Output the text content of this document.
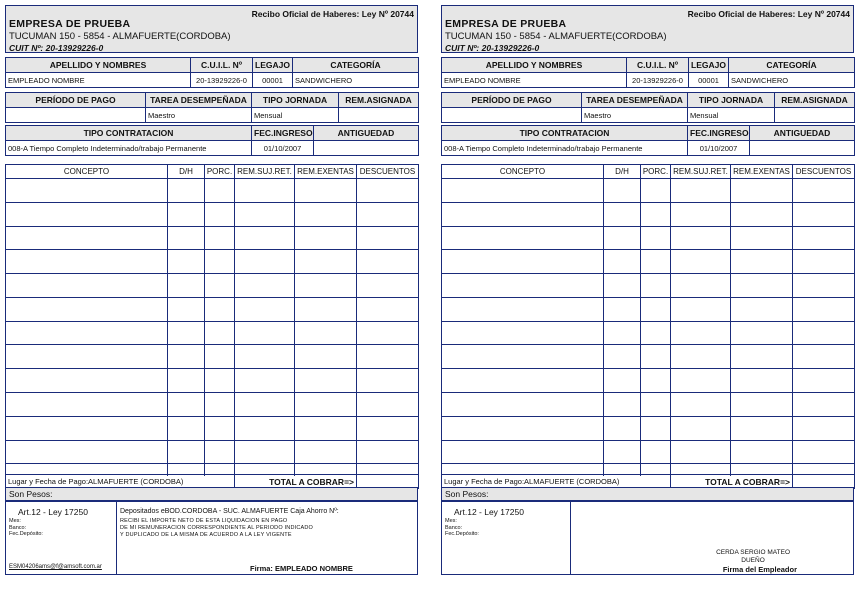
Recibo Oficial de Haberes: Ley Nº 20744
EMPRESA DE PRUEBA
TUCUMAN 150 - 5854 - ALMAFUERTE(CORDOBA)
CUIT Nº: 20-13929226-0
APELLIDO Y NOMBRES	C.U.I.L. Nº	LEGAJO	CATEGORÍA
EMPLEADO NOMBRE	20-13929226-0	00001	SANDWICHERO
PERÍODO DE PAGO	TAREA DESEMPEÑADA	TIPO JORNADA	REM.ASIGNADA
	Maestro	Mensual	
TIPO CONTRATACION	FEC.INGRESO	ANTIGUEDAD
008-A Tiempo Completo Indeterminado/trabajo Permanente	01/10/2007	
CONCEPTO	D/H	PORC.	REM.SUJ.RET.	REM.EXENTAS	DESCUENTOS

Lugar y Fecha de Pago:ALMAFUERTE (CORDOBA)	TOTAL A COBRAR=>	
Son Pesos:
Art.12 - Ley 17250
Mes:
Banco:
Fec.Depósito:
ESM04206ams@f@amsoft.com.ar
Depositados eBOD.CORDOBA - SUC. ALMAFUERTE Caja Ahorro Nº:
RECIBI EL IMPORTE NETO DE ESTA LIQUIDACION EN PAGO
DE MI REMUNERACION CORRESPONDIENTE AL PERIODO INDICADO
Y DUPLICADO DE LA MISMA DE ACUERDO A LA LEY VIGENTE
Firma: EMPLEADO NOMBRE
Recibo Oficial de Haberes: Ley Nº 20744
EMPRESA DE PRUEBA
TUCUMAN 150 - 5854 - ALMAFUERTE(CORDOBA)
CUIT Nº: 20-13929226-0
APELLIDO Y NOMBRES	C.U.I.L. Nº	LEGAJO	CATEGORÍA
EMPLEADO NOMBRE	20-13929226-0	00001	SANDWICHERO
PERÍODO DE PAGO	TAREA DESEMPEÑADA	TIPO JORNADA	REM.ASIGNADA
	Maestro	Mensual	
TIPO CONTRATACION	FEC.INGRESO	ANTIGUEDAD
008-A Tiempo Completo Indeterminado/trabajo Permanente	01/10/2007	
CONCEPTO	D/H	PORC.	REM.SUJ.RET.	REM.EXENTAS	DESCUENTOS

Lugar y Fecha de Pago:ALMAFUERTE (CORDOBA)	TOTAL A COBRAR=>	
Son Pesos:
Art.12 - Ley 17250
Mes:
Banco:
Fec.Depósito:
CERDA SERGIO MATEO
DUEÑO
Firma del Empleador
